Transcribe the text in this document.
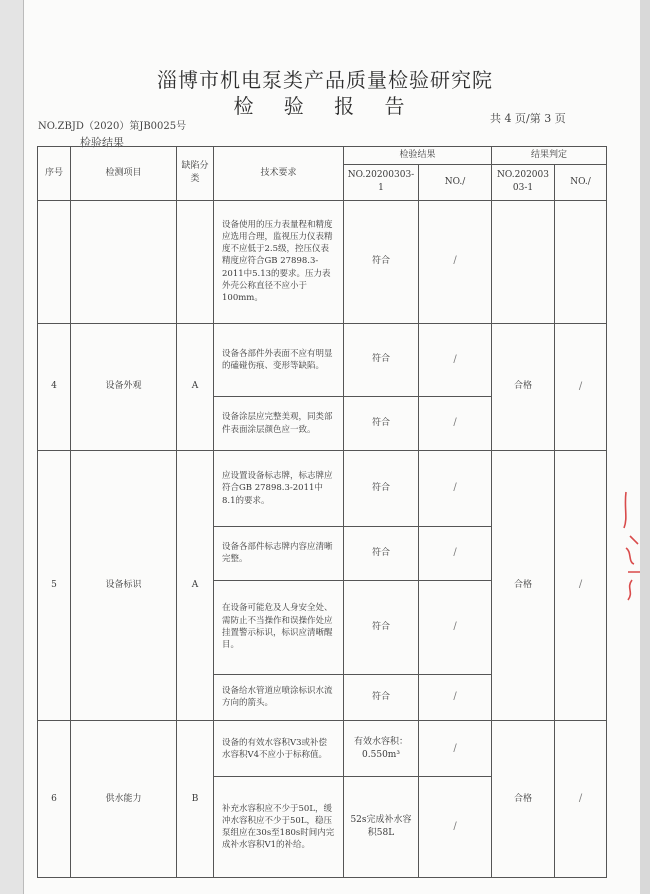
淄博市机电泵类产品质量检验研究院
检 验 报 告
NO.ZBJD（2020）第JB0025号
共 4 页/第 3 页
检验结果
序号	检测项目	缺陷分类	技术要求	检验结果		结果判定	
				NO.20200303-1	NO./	NO.202003 03-1	NO./
			设备使用的压力表量程和精度应选用合理，监视压力仪表精度不应低于2.5级，控压仪表精度应符合GB 27898.3-2011中5.13的要求。压力表外壳公称直径不应小于100mm。	符合	/		
4	设备外观	A	设备各部件外表面不应有明显的磕碰伤痕、变形等缺陷。	符合	/	合格	/
			设备涂层应完整美观，同类部件表面涂层颜色应一致。	符合	/		
5	设备标识	A	应设置设备标志牌，标志牌应符合GB 27898.3-2011中8.1的要求。	符合	/	合格	/
			设备各部件标志牌内容应清晰完整。	符合	/		
			在设备可能危及人身安全处、需防止不当操作和误操作处应挂置警示标识，标识应清晰醒目。	符合	/		
			设备给水管道应喷涂标识水流方向的箭头。	符合	/		
6	供水能力	B	设备的有效水容积V3或补偿水容积V4不应小于标称值。	有效水容积：0.550m³	/	合格	/
			补充水容积应不少于50L，缓冲水容积应不少于50L，稳压泵组应在30s至180s时间内完成补水容积V1的补给。	52s完成补水容积58L	/		
